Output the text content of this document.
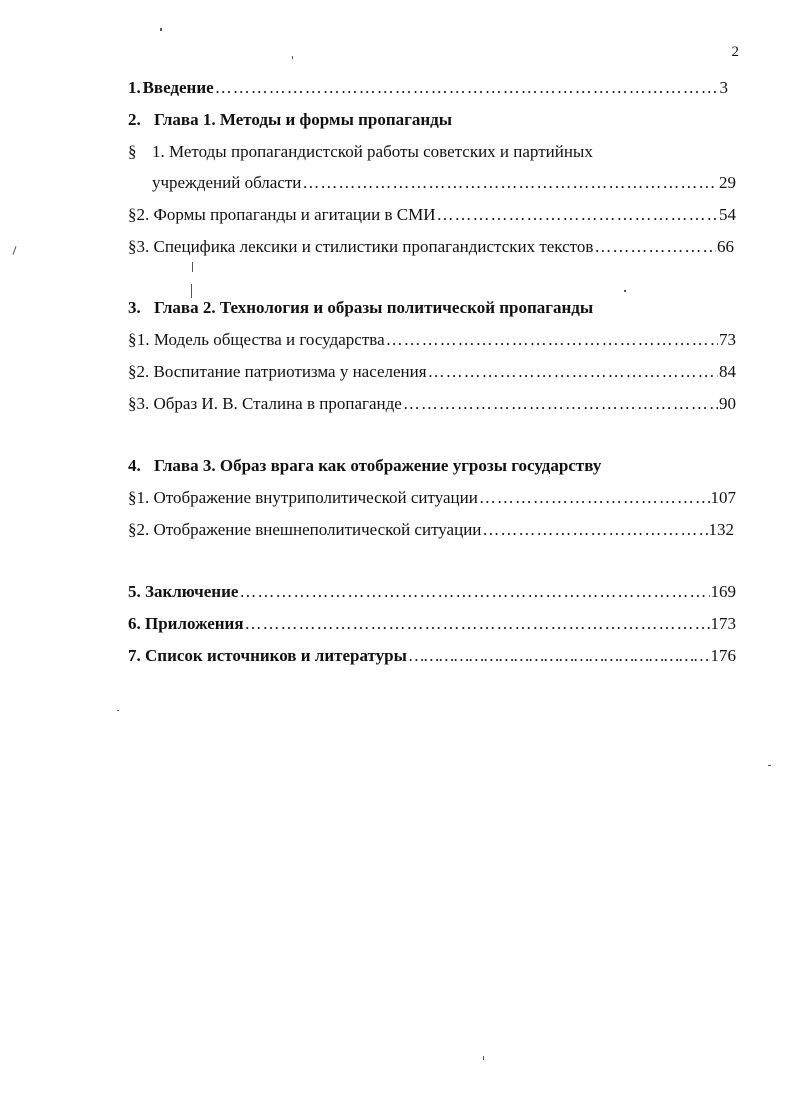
2
1. Введение ……………………………………………………………………………………………………………………………………	3
2. Глава 1. Методы и формы пропаганды
§ 1. Методы пропагандистской работы советских и партийных
учреждений области ……………………………………………………………………………………………………………………………………	29
§ 2. Формы пропаганды и агитации в СМИ ……………………………………………………………………………………………………………………………………	54
§ 3. Специфика лексики и стилистики пропагандистских текстов ……………………………………………………………………………………………………………………………………	66
3. Глава 2. Технология и образы политической пропаганды
§ 1. Модель общества и государства ……………………………………………………………………………………………………………………………………	73
§ 2. Воспитание патриотизма у населения ……………………………………………………………………………………………………………………………………	84
§ 3. Образ И. В. Сталина в пропаганде ……………………………………………………………………………………………………………………………………	90
4. Глава 3. Образ врага как отображение угрозы государству
§ 1. Отображение внутриполитической ситуации ……………………………………………………………………………………………………………………………………	107
§ 2. Отображение внешнеполитической ситуации ……………………………………………………………………………………………………………………………………	132
5. Заключение ……………………………………………………………………………………………………………………………………	169
6. Приложения ……………………………………………………………………………………………………………………………………	173
7. Список источников и литературы ……………………………………………………………………………………………………………………………………	176
